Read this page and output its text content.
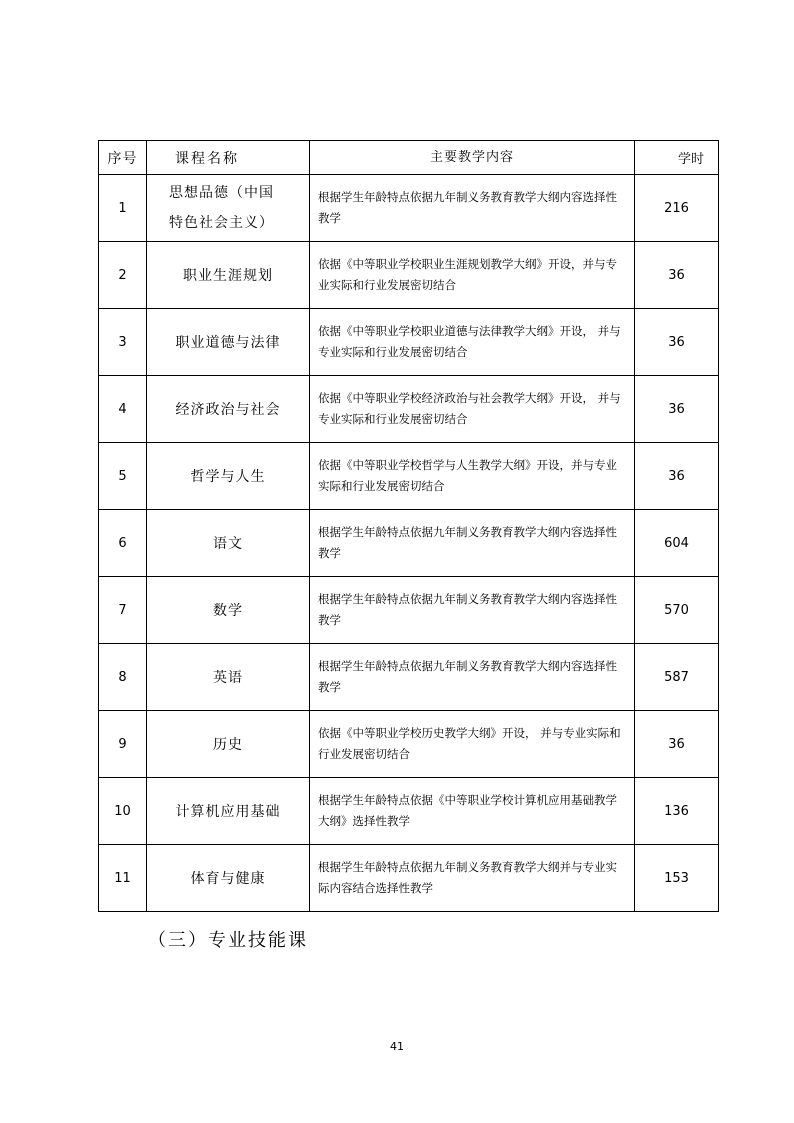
序号	课程名称	主要教学内容	学时
1	思想品德（中国特色社会主义）	根据学生年龄特点依据九年制义务教育教学大纲内容选择性教学	216
2	职业生涯规划	依据《中等职业学校职业生涯规划教学大纲》开设，并与专业实际和行业发展密切结合	36
3	职业道德与法律	依据《中等职业学校职业道德与法律教学大纲》开设， 并与专业实际和行业发展密切结合	36
4	经济政治与社会	依据《中等职业学校经济政治与社会教学大纲》开设， 并与专业实际和行业发展密切结合	36
5	哲学与人生	依据《中等职业学校哲学与人生教学大纲》开设，并与专业实际和行业发展密切结合	36
6	语文	根据学生年龄特点依据九年制义务教育教学大纲内容选择性教学	604
7	数学	根据学生年龄特点依据九年制义务教育教学大纲内容选择性教学	570
8	英语	根据学生年龄特点依据九年制义务教育教学大纲内容选择性教学	587
9	历史	依据《中等职业学校历史教学大纲》开设， 并与专业实际和行业发展密切结合	36
10	计算机应用基础	根据学生年龄特点依据《中等职业学校计算机应用基础教学大纲》选择性教学	136
11	体育与健康	根据学生年龄特点依据九年制义务教育教学大纲并与专业实际内容结合选择性教学	153
（三）专业技能课
41
